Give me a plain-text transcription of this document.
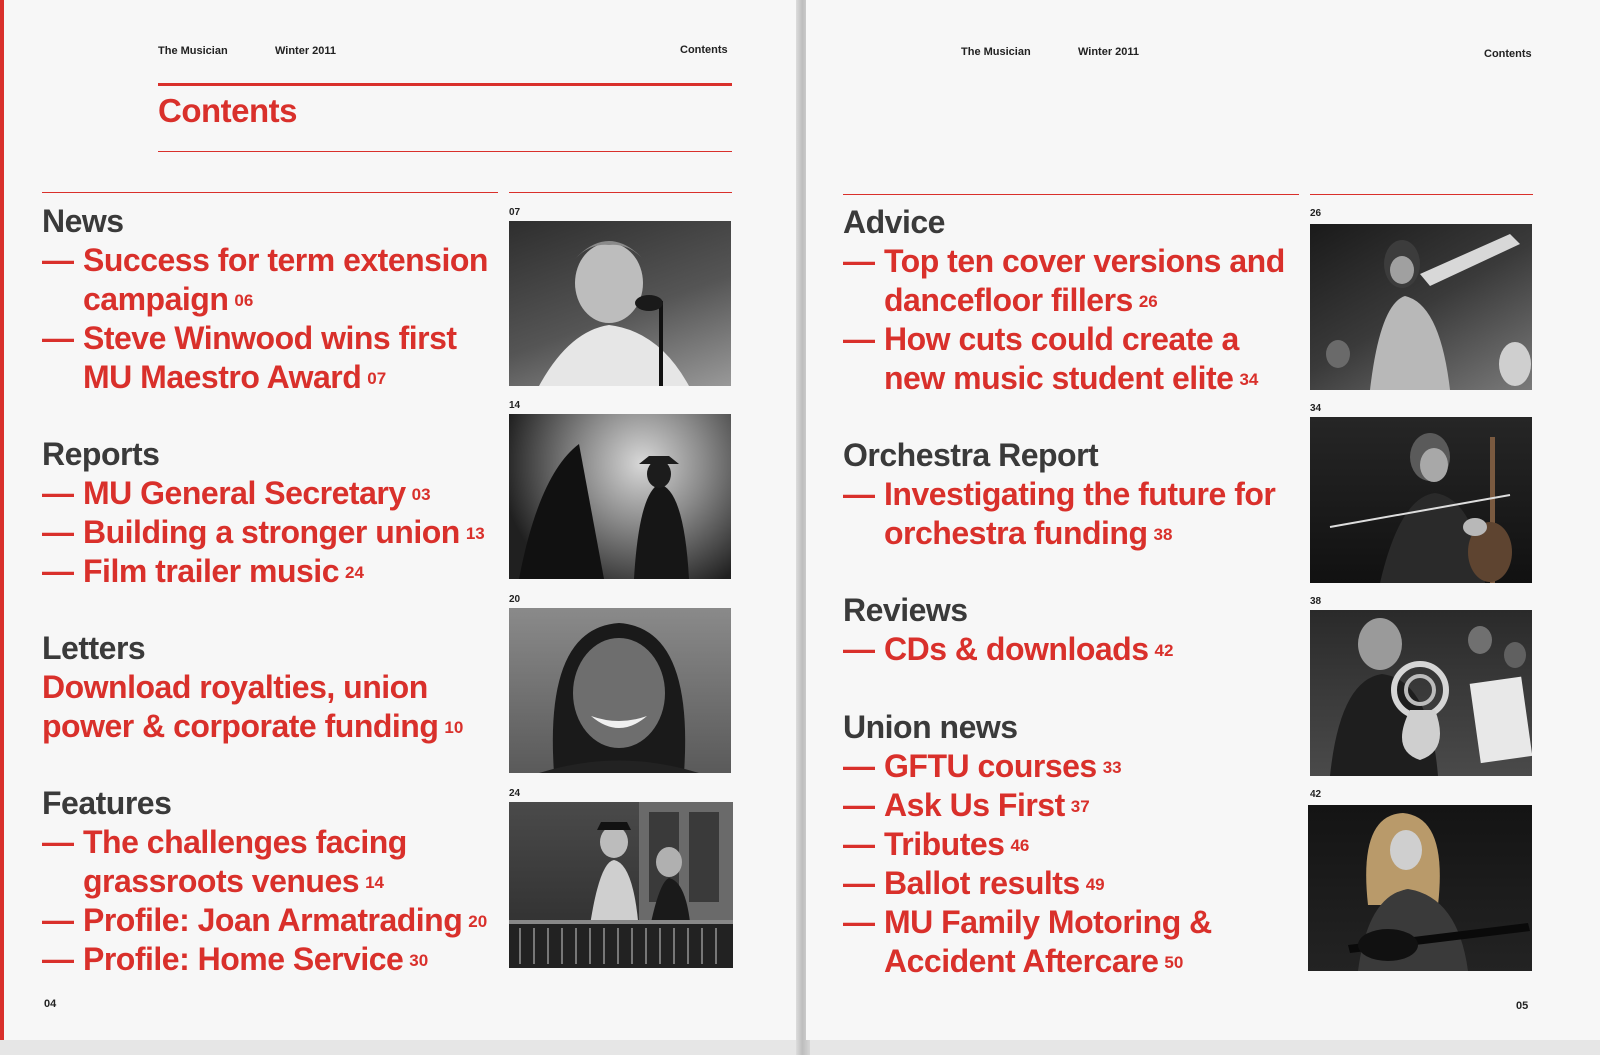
The Musician	Winter 2011	Contents
Contents
News
— Success for term extension campaign $^{06}$
— Steve Winwood wins first MU Maestro Award $^{07}$
Reports
— MU General Secretary $^{03}$
— Building a stronger union $^{13}$
— Film trailer music $^{24}$
Letters
Download royalties, union power & corporate funding $^{10}$
Features
— The challenges facing grassroots venues $^{14}$
— Profile: Joan Armatrading $^{20}$
— Profile: Home Service $^{30}$
07
14
20
24
04
The Musician	Winter 2011	Contents
Advice
— Top ten cover versions and dancefloor fillers $^{26}$
— How cuts could create a new music student elite $^{34}$
Orchestra Report
— Investigating the future for orchestra funding $^{38}$
Reviews
— CDs & downloads $^{42}$
Union news
— GFTU courses $^{33}$
— Ask Us First $^{37}$
— Tributes $^{46}$
— Ballot results $^{49}$
— MU Family Motoring & Accident Aftercare $^{50}$
26
34
38
42
05
